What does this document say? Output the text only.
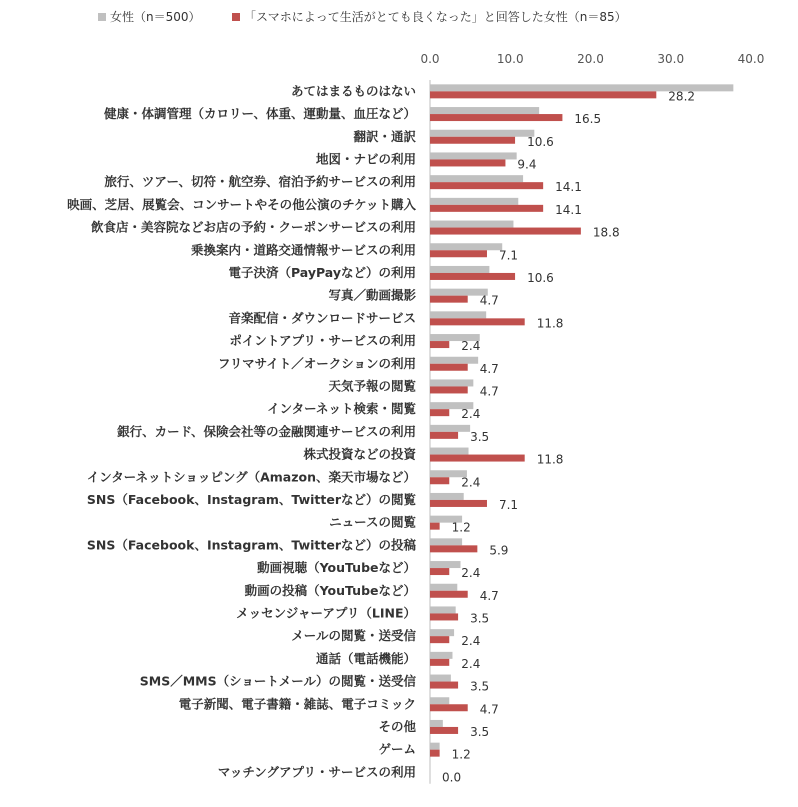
女性（n＝500）	「スマホによって生活がとても良くなった」と回答した女性（n＝85）
0.0	10.0	20.0	30.0	40.0
あてはまるものはない	28.2
健康・体調管理（カロリー、体重、運動量、血圧など）	16.5
翻訳・通訳	10.6
地図・ナビの利用	9.4
旅行、ツアー、切符・航空券、宿泊予約サービスの利用	14.1
映画、芝居、展覧会、コンサートやその他公演のチケット購入	14.1
飲食店・美容院などお店の予約・クーポンサービスの利用	18.8
乗換案内・道路交通情報サービスの利用	7.1
電子決済（PayPayなど）の利用	10.6
写真／動画撮影	4.7
音楽配信・ダウンロードサービス	11.8
ポイントアプリ・サービスの利用	2.4
フリマサイト／オークションの利用	4.7
天気予報の閲覧	4.7
インターネット検索・閲覧	2.4
銀行、カード、保険会社等の金融関連サービスの利用	3.5
株式投資などの投資	11.8
インターネットショッピング（Amazon、楽天市場など）	2.4
SNS（Facebook、Instagram、Twitterなど）の閲覧	7.1
ニュースの閲覧	1.2
SNS（Facebook、Instagram、Twitterなど）の投稿	5.9
動画視聴（YouTubeなど）	2.4
動画の投稿（YouTubeなど）	4.7
メッセンジャーアプリ（LINE）	3.5
メールの閲覧・送受信	2.4
通話（電話機能）	2.4
SMS／MMS（ショートメール）の閲覧・送受信	3.5
電子新聞、電子書籍・雑誌、電子コミック	4.7
その他	3.5
ゲーム	1.2
マッチングアプリ・サービスの利用 0.0
